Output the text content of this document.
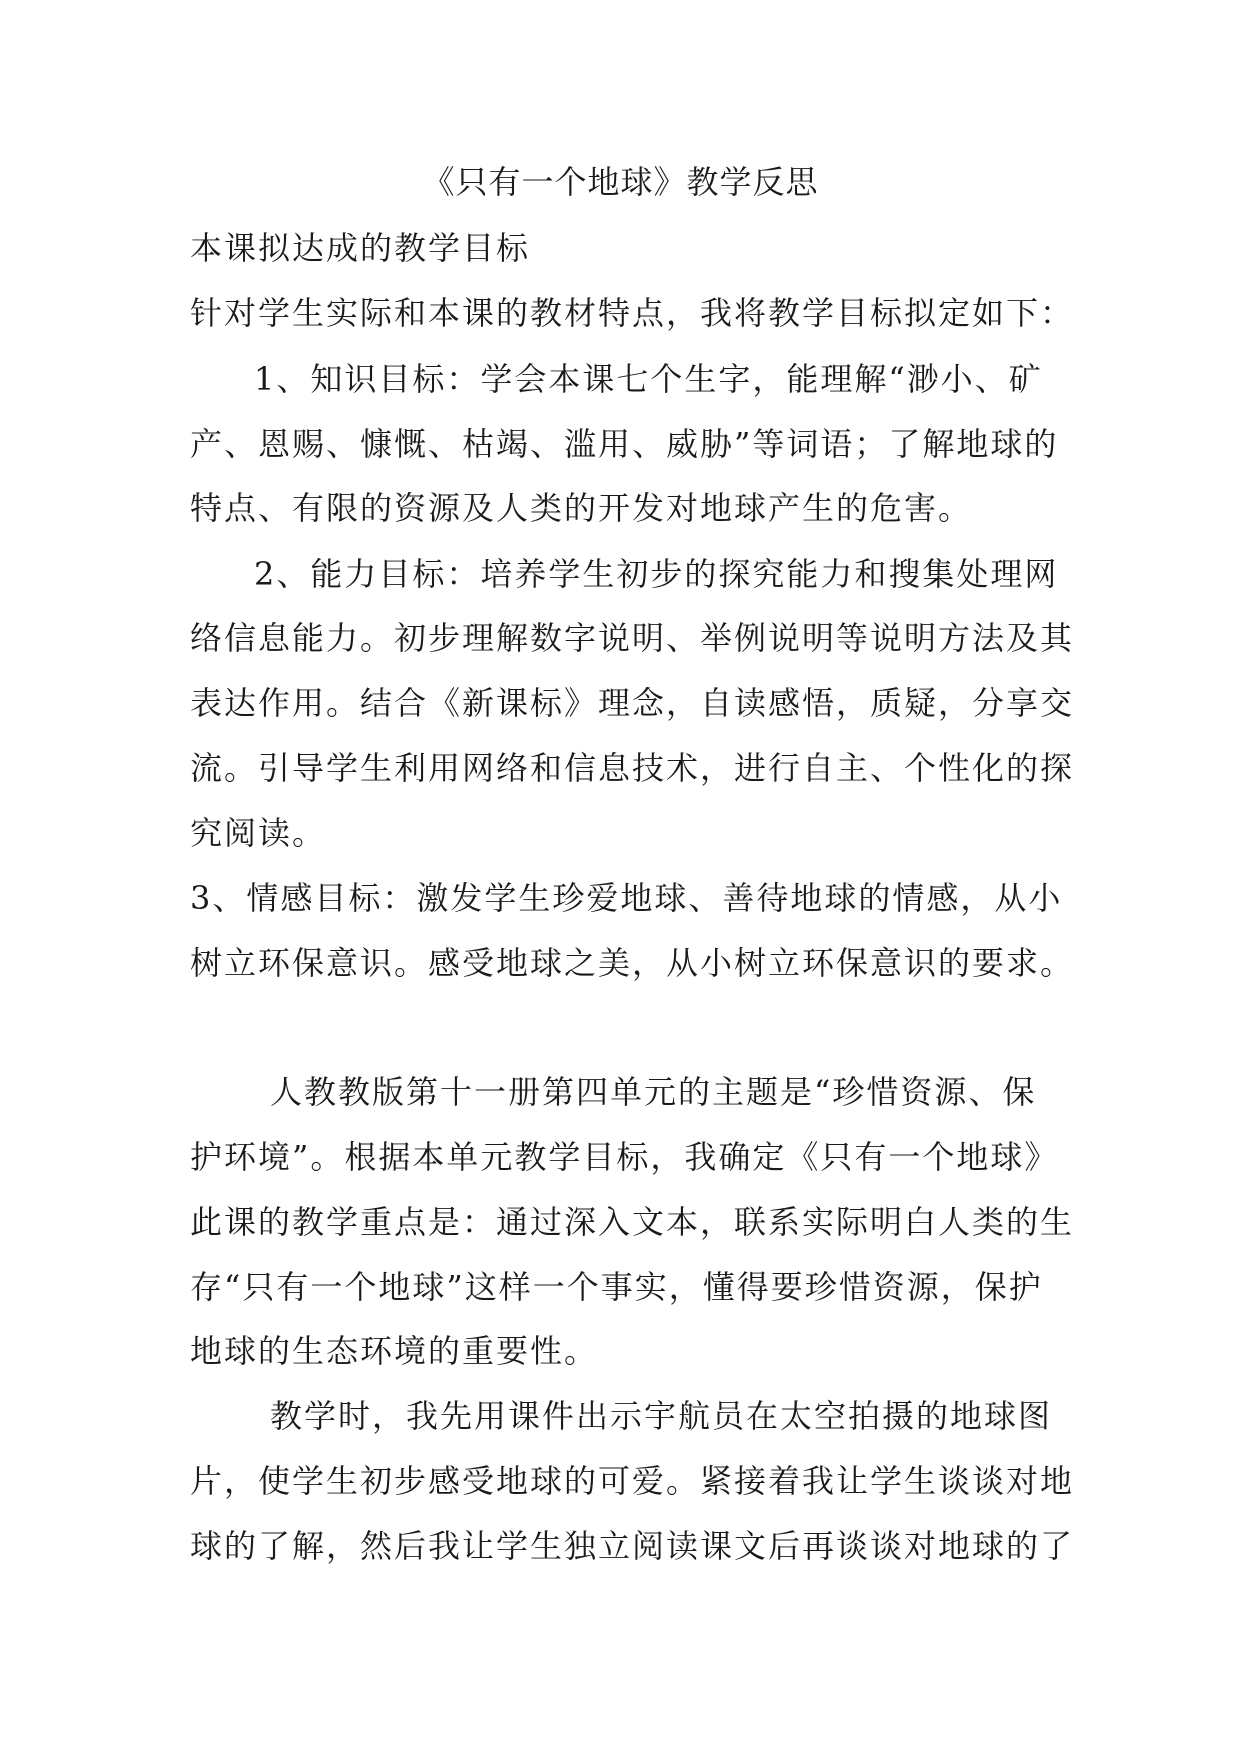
《只有一个地球》教学反思
本课拟达成的教学目标
针对学生实际和本课的教材特点，我将教学目标拟定如下：
1、知识目标：学会本课七个生字，能理解“渺小、矿
产、恩赐、慷慨、枯竭、滥用、威胁”等词语；了解地球的
特点、有限的资源及人类的开发对地球产生的危害。
2、能力目标：培养学生初步的探究能力和搜集处理网
络信息能力。初步理解数字说明、举例说明等说明方法及其
表达作用。结合《新课标》理念，自读感悟，质疑，分享交
流。引导学生利用网络和信息技术，进行自主、个性化的探
究阅读。
3、情感目标：激发学生珍爱地球、善待地球的情感，从小
树立环保意识。感受地球之美，从小树立环保意识的要求。
人教教版第十一册第四单元的主题是“珍惜资源、保
护环境”。根据本单元教学目标，我确定《只有一个地球》
此课的教学重点是：通过深入文本，联系实际明白人类的生
存“只有一个地球”这样一个事实，懂得要珍惜资源，保护
地球的生态环境的重要性。
教学时，我先用课件出示宇航员在太空拍摄的地球图
片，使学生初步感受地球的可爱。紧接着我让学生谈谈对地
球的了解，然后我让学生独立阅读课文后再谈谈对地球的了
